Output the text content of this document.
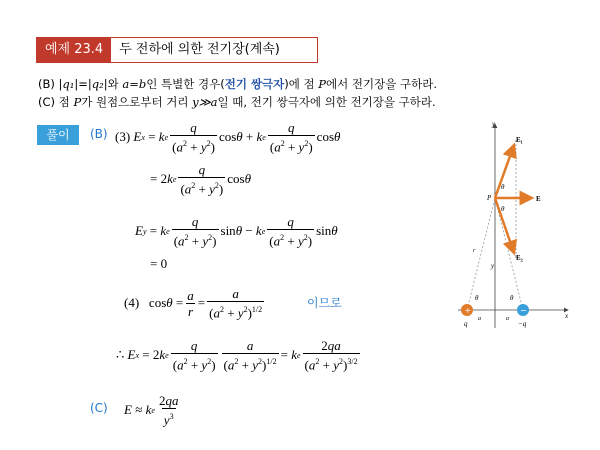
예제 23.4	두 전하에 의한 전기장(계속)
(B) |q₁|=|q₂|와 a=b인 특별한 경우(전기 쌍극자)에 점 P에서 전기장을 구하라.
(C) 점 P가 원점으로부터 거리 y≫a일 때, 전기 쌍극자에 의한 전기장을 구하라.
풀이	(B)
(C)
(3)
E x = k e $\frac{q}{(a^2 + y^2)}$ cos θ + k e $\frac{q}{(a^2 + y^2)}$ cos θ
= 2 k e $\frac{q}{(a^2 + y^2)}$ cos θ
E y = k e $\frac{q}{(a^2 + y^2)}$ sin θ − k e $\frac{q}{(a^2 + y^2)}$ sin θ
= 0
(4) $\cos \theta = \frac{a}{r} = \frac{a}{(a^2 + y^2)^{1/2}}$	이므로
∴ E x = 2 k e $\frac{q}{(a^2 + y^2)} \frac{a}{(a^2 + y^2)^{1/2}} = k$ e $\frac{2qa}{(a^2 + y^2)^{3/2}}$
E ≈ k e $\frac{2qa}{y^3}$
y
x
E₁
E
E₂
P
θ
θ
r
y
θ	θ
a	a
+
q
−
−q
